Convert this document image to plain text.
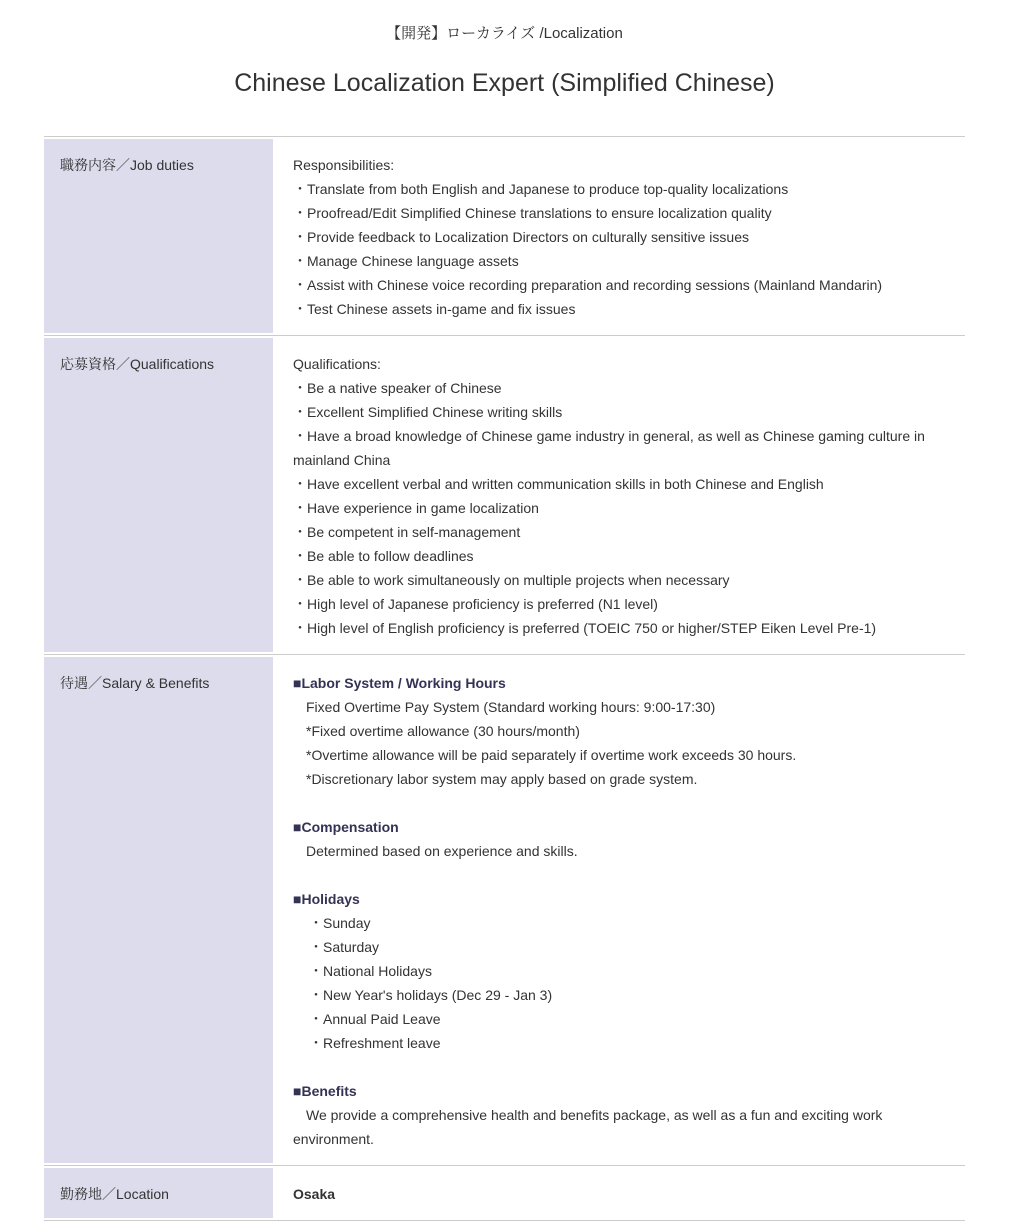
【開発】ローカライズ /Localization
Chinese Localization Expert (Simplified Chinese)
職務内容／Job duties	Responsibilities:
・Translate from both English and Japanese to produce top-quality localizations
・Proofread/Edit Simplified Chinese translations to ensure localization quality
・Provide feedback to Localization Directors on culturally sensitive issues
・Manage Chinese language assets
・Assist with Chinese voice recording preparation and recording sessions (Mainland Mandarin)
・Test Chinese assets in-game and fix issues
応募資格／Qualifications	Qualifications:
・Be a native speaker of Chinese
・Excellent Simplified Chinese writing skills
・Have a broad knowledge of Chinese game industry in general, as well as Chinese gaming culture in mainland China
・Have excellent verbal and written communication skills in both Chinese and English
・Have experience in game localization
・Be competent in self-management
・Be able to follow deadlines
・Be able to work simultaneously on multiple projects when necessary
・High level of Japanese proficiency is preferred (N1 level)
・High level of English proficiency is preferred (TOEIC 750 or higher/STEP Eiken Level Pre-1)
待遇／Salary & Benefits	■Labor System / Working Hours
Fixed Overtime Pay System (Standard working hours: 9:00-17:30)
*Fixed overtime allowance (30 hours/month)
*Overtime allowance will be paid separately if overtime work exceeds 30 hours.
*Discretionary labor system may apply based on grade system.
■Compensation
Determined based on experience and skills.
■Holidays
・Sunday
・Saturday
・National Holidays
・New Year's holidays (Dec 29 - Jan 3)
・Annual Paid Leave
・Refreshment leave
■Benefits
We provide a comprehensive health and benefits package, as well as a fun and exciting work environment.
勤務地／Location	Osaka
